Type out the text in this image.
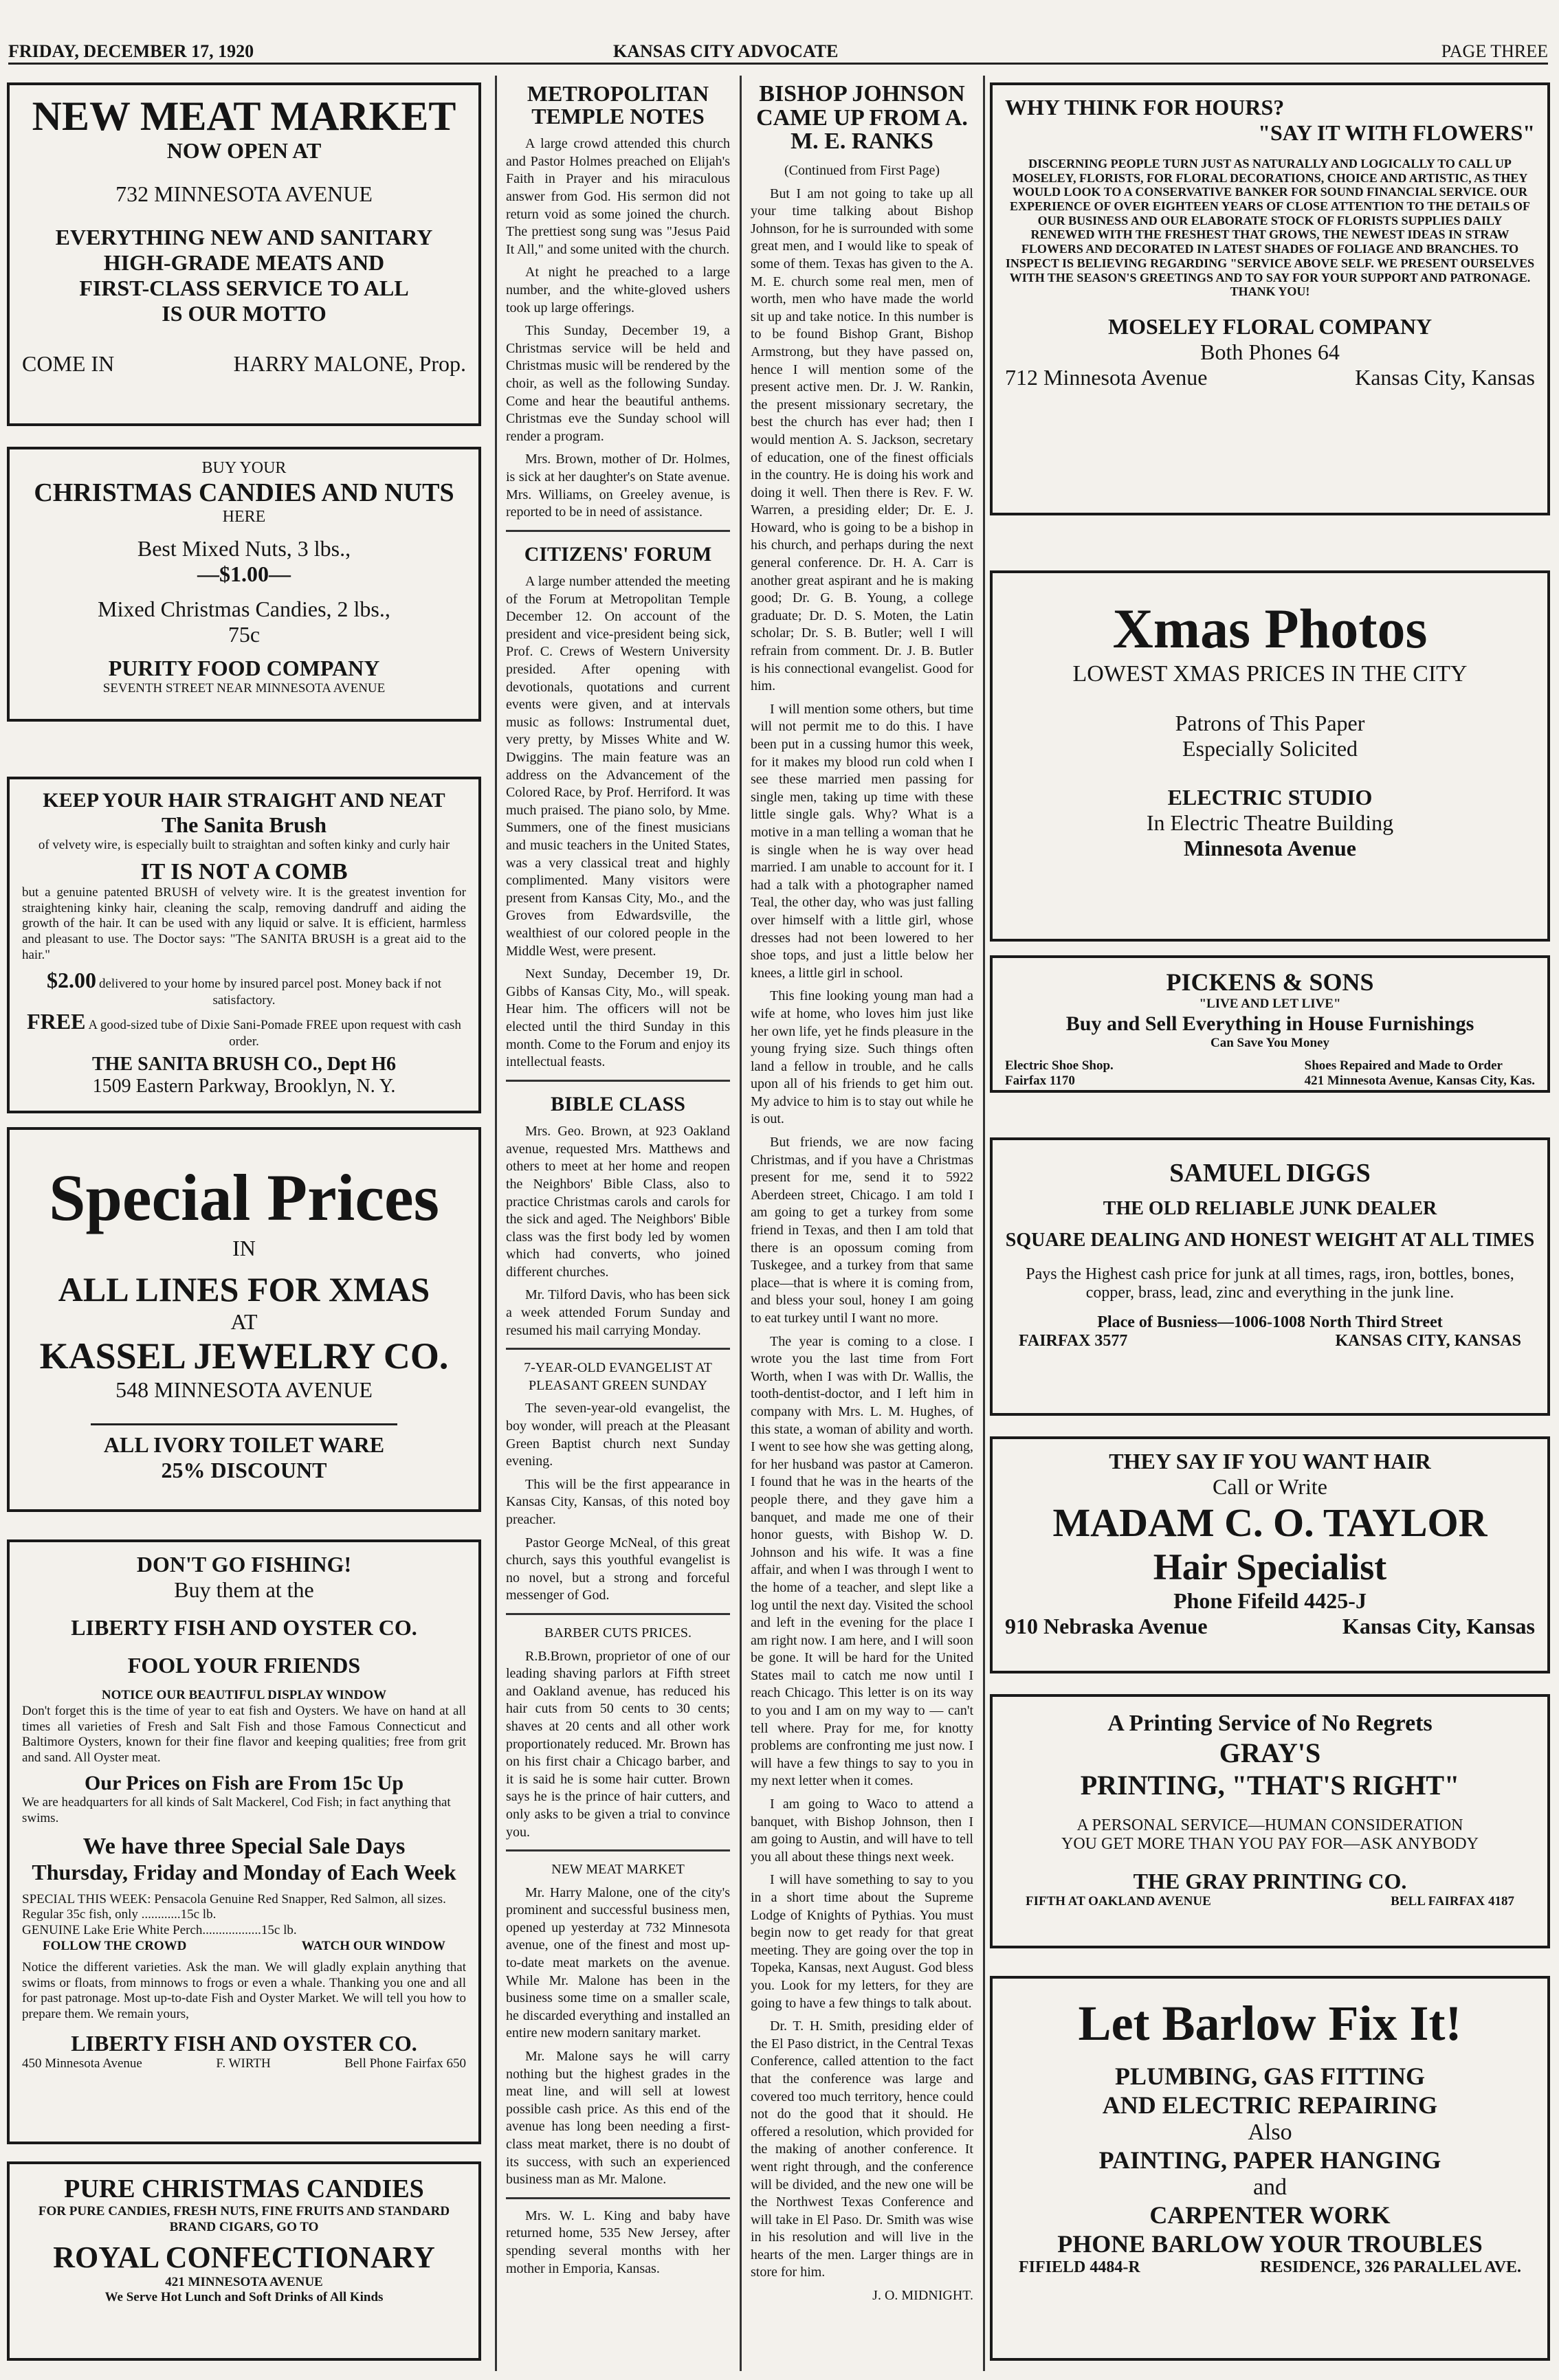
FRIDAY, DECEMBER 17, 1920	KANSAS CITY ADVOCATE	PAGE THREE

NEW MEAT MARKET

NOW OPEN AT

732 MINNESOTA AVENUE

EVERYTHING NEW AND SANITARY

HIGH-GRADE MEATS AND

FIRST-CLASS SERVICE TO ALL

IS OUR MOTTO

COME IN	HARRY MALONE, Prop.

BUY YOUR

CHRISTMAS CANDIES AND NUTS

HERE

Best Mixed Nuts, 3 lbs.,

—$1.00—

Mixed Christmas Candies, 2 lbs.,

75c

PURITY FOOD COMPANY

SEVENTH STREET NEAR MINNESOTA AVENUE

KEEP YOUR HAIR STRAIGHT AND NEAT

The Sanita Brush

of velvety wire, is especially built to straightan and soften kinky and curly hair

IT IS NOT A COMB

but a genuine patented BRUSH of velvety wire. It is the greatest invention for straightening kinky hair, cleaning the scalp, removing dandruff and aiding the growth of the hair. It can be used with any liquid or salve. It is efficient, harmless and pleasant to use. The Doctor says: "The SANITA BRUSH is a great aid to the hair."

$2.00 delivered to your home by insured parcel post. Money back if not satisfactory.

FREE A good-sized tube of Dixie Sani-Pomade FREE upon request with cash order.

THE SANITA BRUSH CO., Dept H6

1509 Eastern Parkway, Brooklyn, N. Y.

Special Prices

IN

ALL LINES FOR XMAS

AT

KASSEL JEWELRY CO.

548 MINNESOTA AVENUE

ALL IVORY TOILET WARE

25% DISCOUNT

DON'T GO FISHING!

Buy them at the

LIBERTY FISH AND OYSTER CO.

FOOL YOUR FRIENDS

NOTICE OUR BEAUTIFUL DISPLAY WINDOW

Don't forget this is the time of year to eat fish and Oysters. We have on hand at all times all varieties of Fresh and Salt Fish and those Famous Connecticut and Baltimore Oysters, known for their fine flavor and keeping qualities; free from grit and sand. All Oyster meat.

Our Prices on Fish are From 15c Up

We are headquarters for all kinds of Salt Mackerel, Cod Fish; in fact anything that swims.

We have three Special Sale Days

Thursday, Friday and Monday of Each Week

SPECIAL THIS WEEK: Pensacola Genuine Red Snapper, Red Salmon, all sizes. Regular 35c fish, only ............15c lb.

GENUINE Lake Erie White Perch..................15c lb.

FOLLOW THE CROWD	WATCH OUR WINDOW

Notice the different varieties. Ask the man. We will gladly explain anything that swims or floats, from minnows to frogs or even a whale. Thanking you one and all for past patronage. Most up-to-date Fish and Oyster Market. We will tell you how to prepare them. We remain yours,

LIBERTY FISH AND OYSTER CO.

450 Minnesota Avenue	F. WIRTH	Bell Phone Fairfax 650

PURE CHRISTMAS CANDIES

FOR PURE CANDIES, FRESH NUTS, FINE FRUITS AND STANDARD BRAND CIGARS, GO TO

ROYAL CONFECTIONARY

421 MINNESOTA AVENUE

We Serve Hot Lunch and Soft Drinks of All Kinds

METROPOLITAN TEMPLE NOTES

A large crowd attended this church and Pastor Holmes preached on Elijah's Faith in Prayer and his miraculous answer from God. His sermon did not return void as some joined the church. The prettiest song sung was "Jesus Paid It All," and some united with the church.

At night he preached to a large number, and the white-gloved ushers took up large offerings.

This Sunday, December 19, a Christmas service will be held and Christmas music will be rendered by the choir, as well as the following Sunday. Come and hear the beautiful anthems. Christmas eve the Sunday school will render a program.

Mrs. Brown, mother of Dr. Holmes, is sick at her daughter's on State avenue. Mrs. Williams, on Greeley avenue, is reported to be in need of assistance.

CITIZENS' FORUM

A large number attended the meeting of the Forum at Metropolitan Temple December 12. On account of the president and vice-president being sick, Prof. C. Crews of Western University presided. After opening with devotionals, quotations and current events were given, and at intervals music as follows: Instrumental duet, very pretty, by Misses White and W. Dwiggins. The main feature was an address on the Advancement of the Colored Race, by Prof. Herriford. It was much praised. The piano solo, by Mme. Summers, one of the finest musicians and music teachers in the United States, was a very classical treat and highly complimented. Many visitors were present from Kansas City, Mo., and the Groves from Edwardsville, the wealthiest of our colored people in the Middle West, were present.

Next Sunday, December 19, Dr. Gibbs of Kansas City, Mo., will speak. Hear him. The officers will not be elected until the third Sunday in this month. Come to the Forum and enjoy its intellectual feasts.

BIBLE CLASS

Mrs. Geo. Brown, at 923 Oakland avenue, requested Mrs. Matthews and others to meet at her home and reopen the Neighbors' Bible Class, also to practice Christmas carols and carols for the sick and aged. The Neighbors' Bible class was the first body led by women which had converts, who joined different churches.

Mr. Tilford Davis, who has been sick a week attended Forum Sunday and resumed his mail carrying Monday.

7-YEAR-OLD EVANGELIST AT PLEASANT GREEN SUNDAY

The seven-year-old evangelist, the boy wonder, will preach at the Pleasant Green Baptist church next Sunday evening.

This will be the first appearance in Kansas City, Kansas, of this noted boy preacher.

Pastor George McNeal, of this great church, says this youthful evangelist is no novel, but a strong and forceful messenger of God.

BARBER CUTS PRICES.

R.B.Brown, proprietor of one of our leading shaving parlors at Fifth street and Oakland avenue, has reduced his hair cuts from 50 cents to 30 cents; shaves at 20 cents and all other work proportionately reduced. Mr. Brown has on his first chair a Chicago barber, and it is said he is some hair cutter. Brown says he is the prince of hair cutters, and only asks to be given a trial to convince you.

NEW MEAT MARKET

Mr. Harry Malone, one of the city's prominent and successful business men, opened up yesterday at 732 Minnesota avenue, one of the finest and most up-to-date meat markets on the avenue. While Mr. Malone has been in the business some time on a smaller scale, he discarded everything and installed an entire new modern sanitary market.

Mr. Malone says he will carry nothing but the highest grades in the meat line, and will sell at lowest possible cash price. As this end of the avenue has long been needing a first-class meat market, there is no doubt of its success, with such an experienced business man as Mr. Malone.

Mrs. W. L. King and baby have returned home, 535 New Jersey, after spending several months with her mother in Emporia, Kansas.

BISHOP JOHNSON CAME UP FROM A. M. E. RANKS

(Continued from First Page)

But I am not going to take up all your time talking about Bishop Johnson, for he is surrounded with some great men, and I would like to speak of some of them. Texas has given to the A. M. E. church some real men, men of worth, men who have made the world sit up and take notice. In this number is to be found Bishop Grant, Bishop Armstrong, but they have passed on, hence I will mention some of the present active men. Dr. J. W. Rankin, the present missionary secretary, the best the church has ever had; then I would mention A. S. Jackson, secretary of education, one of the finest officials in the country. He is doing his work and doing it well. Then there is Rev. F. W. Warren, a presiding elder; Dr. E. J. Howard, who is going to be a bishop in his church, and perhaps during the next general conference. Dr. H. A. Carr is another great aspirant and he is making good; Dr. G. B. Young, a college graduate; Dr. D. S. Moten, the Latin scholar; Dr. S. B. Butler; well I will refrain from comment. Dr. J. B. Butler is his connectional evangelist. Good for him.

I will mention some others, but time will not permit me to do this. I have been put in a cussing humor this week, for it makes my blood run cold when I see these married men passing for single men, taking up time with these little single gals. Why? What is a motive in a man telling a woman that he is single when he is way over head married. I am unable to account for it. I had a talk with a photographer named Teal, the other day, who was just falling over himself with a little girl, whose dresses had not been lowered to her shoe tops, and just a little below her knees, a little girl in school.

This fine looking young man had a wife at home, who loves him just like her own life, yet he finds pleasure in the young frying size. Such things often land a fellow in trouble, and he calls upon all of his friends to get him out. My advice to him is to stay out while he is out.

But friends, we are now facing Christmas, and if you have a Christmas present for me, send it to 5922 Aberdeen street, Chicago. I am told I am going to get a turkey from some friend in Texas, and then I am told that there is an opossum coming from Tuskegee, and a turkey from that same place—that is where it is coming from, and bless your soul, honey I am going to eat turkey until I want no more.

The year is coming to a close. I wrote you the last time from Fort Worth, when I was with Dr. Wallis, the tooth-dentist-doctor, and I left him in company with Mrs. L. M. Hughes, of this state, a woman of ability and worth. I went to see how she was getting along, for her husband was pastor at Cameron. I found that he was in the hearts of the people there, and they gave him a banquet, and made me one of their honor guests, with Bishop W. D. Johnson and his wife. It was a fine affair, and when I was through I went to the home of a teacher, and slept like a log until the next day. Visited the school and left in the evening for the place I am right now. I am here, and I will soon be gone. It will be hard for the United States mail to catch me now until I reach Chicago. This letter is on its way to you and I am on my way to — can't tell where. Pray for me, for knotty problems are confronting me just now. I will have a few things to say to you in my next letter when it comes.

I am going to Waco to attend a banquet, with Bishop Johnson, then I am going to Austin, and will have to tell you all about these things next week.

I will have something to say to you in a short time about the Supreme Lodge of Knights of Pythias. You must begin now to get ready for that great meeting. They are going over the top in Topeka, Kansas, next August. God bless you. Look for my letters, for they are going to have a few things to talk about.

Dr. T. H. Smith, presiding elder of the El Paso district, in the Central Texas Conference, called attention to the fact that the conference was large and covered too much territory, hence could not do the good that it should. He offered a resolution, which provided for the making of another conference. It went right through, and the conference will be divided, and the new one will be the Northwest Texas Conference and will take in El Paso. Dr. Smith was wise in his resolution and will live in the hearts of the men. Larger things are in store for him.

J. O. MIDNIGHT.

WHY THINK FOR HOURS?

"SAY IT WITH FLOWERS"

DISCERNING PEOPLE TURN JUST AS NATURALLY AND LOGICALLY TO CALL UP MOSELEY, FLORISTS, FOR FLORAL DECORATIONS, CHOICE AND ARTISTIC, AS THEY WOULD LOOK TO A CONSERVATIVE BANKER FOR SOUND FINANCIAL SERVICE. OUR EXPERIENCE OF OVER EIGHTEEN YEARS OF CLOSE ATTENTION TO THE DETAILS OF OUR BUSINESS AND OUR ELABORATE STOCK OF FLORISTS SUPPLIES DAILY RENEWED WITH THE FRESHEST THAT GROWS, THE NEWEST IDEAS IN STRAW FLOWERS AND DECORATED IN LATEST SHADES OF FOLIAGE AND BRANCHES. TO INSPECT IS BELIEVING REGARDING "SERVICE ABOVE SELF. WE PRESENT OURSELVES WITH THE SEASON'S GREETINGS AND TO SAY FOR YOUR SUPPORT AND PATRONAGE. THANK YOU!

MOSELEY FLORAL COMPANY

Both Phones 64

712 Minnesota Avenue	Kansas City, Kansas

Xmas Photos

LOWEST XMAS PRICES IN THE CITY

Patrons of This Paper

Especially Solicited

ELECTRIC STUDIO

In Electric Theatre Building

Minnesota Avenue

PICKENS & SONS

"LIVE AND LET LIVE"

Buy and Sell Everything in House Furnishings

Can Save You Money

Electric Shoe Shop.
Fairfax 1170
Shoes Repaired and Made to Order
421 Minnesota Avenue, Kansas City, Kas.

SAMUEL DIGGS

THE OLD RELIABLE JUNK DEALER

SQUARE DEALING AND HONEST WEIGHT AT ALL TIMES

Pays the Highest cash price for junk at all times, rags, iron, bottles, bones, copper, brass, lead, zinc and everything in the junk line.

Place of Busniess—1006-1008 North Third Street

FAIRFAX 3577	KANSAS CITY, KANSAS

THEY SAY IF YOU WANT HAIR

Call or Write

MADAM C. O. TAYLOR

Hair Specialist

Phone Fifeild 4425-J

910 Nebraska Avenue	Kansas City, Kansas

A Printing Service of No Regrets

GRAY'S

PRINTING, "THAT'S RIGHT"

A PERSONAL SERVICE—HUMAN CONSIDERATION

YOU GET MORE THAN YOU PAY FOR—ASK ANYBODY

THE GRAY PRINTING CO.

FIFTH AT OAKLAND AVENUE	BELL FAIRFAX 4187

Let Barlow Fix It!

PLUMBING, GAS FITTING

AND ELECTRIC REPAIRING

Also

PAINTING, PAPER HANGING

and

CARPENTER WORK

PHONE BARLOW YOUR TROUBLES

FIFIELD 4484-R	RESIDENCE, 326 PARALLEL AVE.
